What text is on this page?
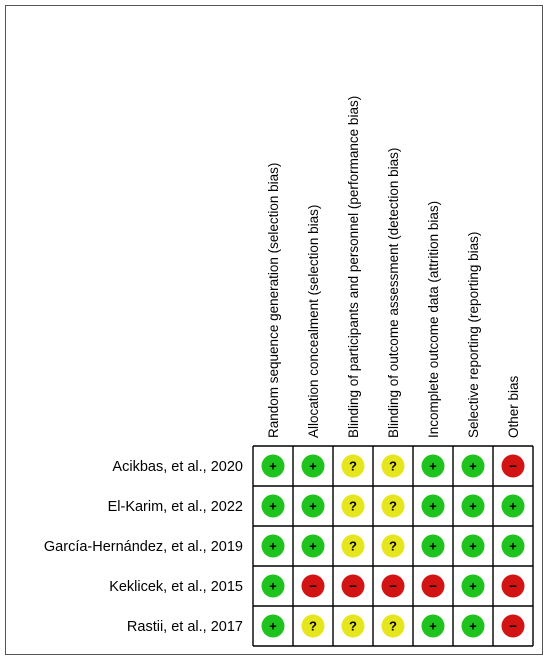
Random sequence generation (selection bias) Allocation concealment (selection bias) Blinding of participants and personnel (performance bias) Blinding of outcome assessment (detection bias) Incomplete outcome data (attrition bias) Selective reporting (reporting bias) Other bias
Acikbas, et al., 2020
El-Karim, et al., 2022
García-Hernández, et al., 2019
Keklicek, et al., 2015
Rastii, et al., 2017
+ + ? ? + + −
+ + ? ? + + +
+ + ? ? + + +
+ − − − − + −
+ ? ? ? + + −
